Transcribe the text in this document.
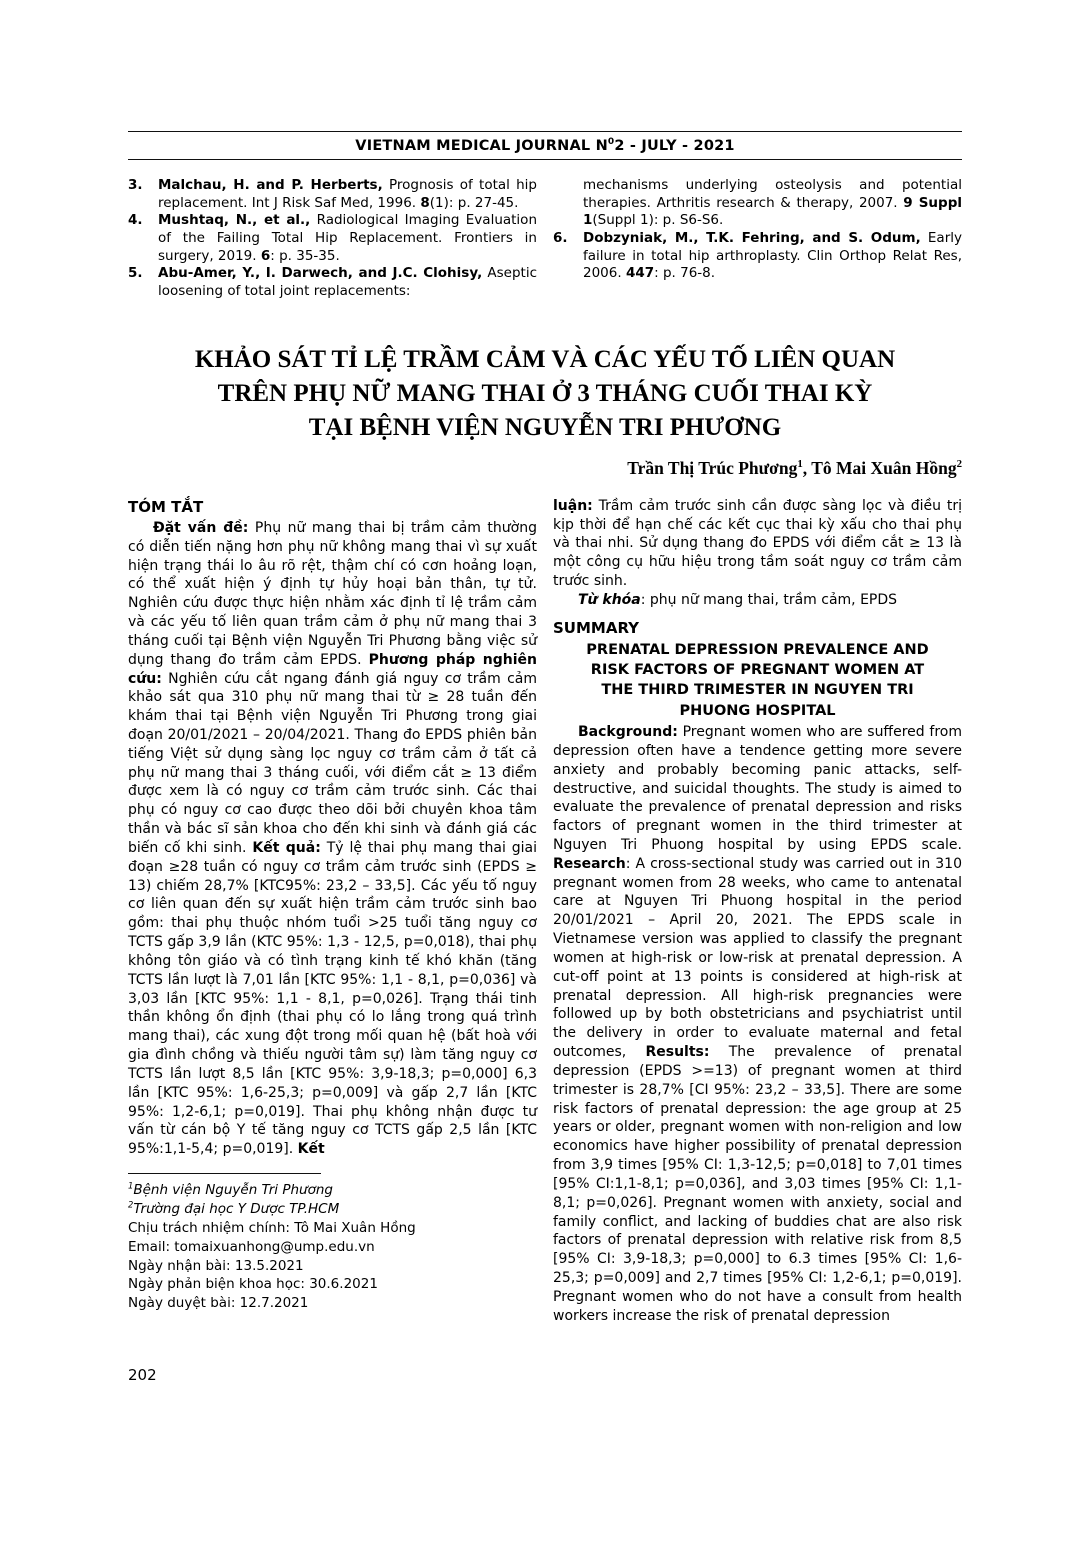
VIETNAM MEDICAL JOURNAL $N^02$ - JULY - 2021
3. Malchau, H. and P. Herberts, Prognosis of total hip replacement. Int J Risk Saf Med, 1996. 8(1): p. 27-45.
4. Mushtaq, N., et al., Radiological Imaging Evaluation of the Failing Total Hip Replacement. Frontiers in surgery, 2019. 6: p. 35-35.
5. Abu-Amer, Y., I. Darwech, and J.C. Clohisy, Aseptic loosening of total joint replacements:
mechanisms underlying osteolysis and potential therapies. Arthritis research & therapy, 2007. 9 Suppl 1(Suppl 1): p. S6-S6.
6. Dobzyniak, M., T.K. Fehring, and S. Odum, Early failure in total hip arthroplasty. Clin Orthop Relat Res, 2006. 447: p. 76-8.
KHẢO SÁT TỈ LỆ TRẦM CẢM VÀ CÁC YẾU TỐ LIÊN QUAN
TRÊN PHỤ NỮ MANG THAI Ở 3 THÁNG CUỐI THAI KỲ
TẠI BỆNH VIỆN NGUYỄN TRI PHƯƠNG
Trần Thị Trúc Phương$^1$, Tô Mai Xuân Hồng$^2$
TÓM TẮT

Đặt vấn đề: Phụ nữ mang thai bị trầm cảm thường có diễn tiến nặng hơn phụ nữ không mang thai vì sự xuất hiện trạng thái lo âu rõ rệt, thậm chí có cơn hoảng loạn, có thể xuất hiện ý định tự hủy hoại bản thân, tự tử. Nghiên cứu được thực hiện nhằm xác định tỉ lệ trầm cảm và các yếu tố liên quan trầm cảm ở phụ nữ mang thai 3 tháng cuối tại Bệnh viện Nguyễn Tri Phương bằng việc sử dụng thang đo trầm cảm EPDS. Phương pháp nghiên cứu: Nghiên cứu cắt ngang đánh giá nguy cơ trầm cảm khảo sát qua 310 phụ nữ mang thai từ ≥ 28 tuần đến khám thai tại Bệnh viện Nguyễn Tri Phương trong giai đoạn 20/01/2021 – 20/04/2021. Thang đo EPDS phiên bản tiếng Việt sử dụng sàng lọc nguy cơ trầm cảm ở tất cả phụ nữ mang thai 3 tháng cuối, với điểm cắt ≥ 13 điểm được xem là có nguy cơ trầm cảm trước sinh. Các thai phụ có nguy cơ cao được theo dõi bởi chuyên khoa tâm thần và bác sĩ sản khoa cho đến khi sinh và đánh giá các biến cố khi sinh. Kết quả: Tỷ lệ thai phụ mang thai giai đoạn ≥28 tuần có nguy cơ trầm cảm trước sinh (EPDS ≥ 13) chiếm 28,7% [KTC95%: 23,2 – 33,5]. Các yếu tố nguy cơ liên quan đến sự xuất hiện trầm cảm trước sinh bao gồm: thai phụ thuộc nhóm tuổi >25 tuổi tăng nguy cơ TCTS gấp 3,9 lần (KTC 95%: 1,3 - 12,5, p=0,018), thai phụ không tôn giáo và có tình trạng kinh tế khó khăn (tăng TCTS lần lượt là 7,01 lần [KTC 95%: 1,1 - 8,1, p=0,036] và 3,03 lần [KTC 95%: 1,1 - 8,1, p=0,026]. Trạng thái tinh thần không ổn định (thai phụ có lo lắng trong quá trình mang thai), các xung đột trong mối quan hệ (bất hoà với gia đình chồng và thiếu người tâm sự) làm tăng nguy cơ TCTS lần lượt 8,5 lần [KTC 95%: 3,9-18,3; p=0,000] 6,3 lần [KTC 95%: 1,6-25,3; p=0,009] và gấp 2,7 lần [KTC 95%: 1,2-6,1; p=0,019]. Thai phụ không nhận được tư vấn từ cán bộ Y tế tăng nguy cơ TCTS gấp 2,5 lần [KTC 95%:1,1-5,4; p=0,019]. Kết

$^1$Bệnh viện Nguyễn Tri Phương
$^2$Trường đại học Y Dược TP.HCM
Chịu trách nhiệm chính: Tô Mai Xuân Hồng
Email: tomaixuanhong@ump.edu.vn
Ngày nhận bài: 13.5.2021
Ngày phản biện khoa học: 30.6.2021
Ngày duyệt bài: 12.7.2021

luận: Trầm cảm trước sinh cần được sàng lọc và điều trị kịp thời để hạn chế các kết cục thai kỳ xấu cho thai phụ và thai nhi. Sử dụng thang đo EPDS với điểm cắt ≥ 13 là một công cụ hữu hiệu trong tầm soát nguy cơ trầm cảm trước sinh.

Từ khóa: phụ nữ mang thai, trầm cảm, EPDS

SUMMARY
PRENATAL DEPRESSION PREVALENCE AND
RISK FACTORS OF PREGNANT WOMEN AT
THE THIRD TRIMESTER IN NGUYEN TRI
PHUONG HOSPITAL

Background: Pregnant women who are suffered from depression often have a tendence getting more severe anxiety and probably becoming panic attacks, self-destructive, and suicidal thoughts. The study is aimed to evaluate the prevalence of prenatal depression and risks factors of pregnant women in the third trimester at Nguyen Tri Phuong hospital by using EPDS scale. Research: A cross-sectional study was carried out in 310 pregnant women from 28 weeks, who came to antenatal care at Nguyen Tri Phuong hospital in the period 20/01/2021 – April 20, 2021. The EPDS scale in Vietnamese version was applied to classify the pregnant women at high-risk or low-risk at prenatal depression. A cut-off point at 13 points is considered at high-risk at prenatal depression. All high-risk pregnancies were followed up by both obstetricians and psychiatrist until the delivery in order to evaluate maternal and fetal outcomes, Results: The prevalence of prenatal depression (EPDS >=13) of pregnant women at third trimester is 28,7% [CI 95%: 23,2 – 33,5]. There are some risk factors of prenatal depression: the age group at 25 years or older, pregnant women with non-religion and low economics have higher possibility of prenatal depression from 3,9 times [95% CI: 1,3-12,5; p=0,018] to 7,01 times [95% CI:1,1-8,1; p=0,036], and 3,03 times [95% CI: 1,1-8,1; p=0,026]. Pregnant women with anxiety, social and family conflict, and lacking of buddies chat are also risk factors of prenatal depression with relative risk from 8,5 [95% CI: 3,9-18,3; p=0,000] to 6.3 times [95% CI: 1,6-25,3; p=0,009] and 2,7 times [95% CI: 1,2-6,1; p=0,019]. Pregnant women who do not have a consult from health workers increase the risk of prenatal depression

202
